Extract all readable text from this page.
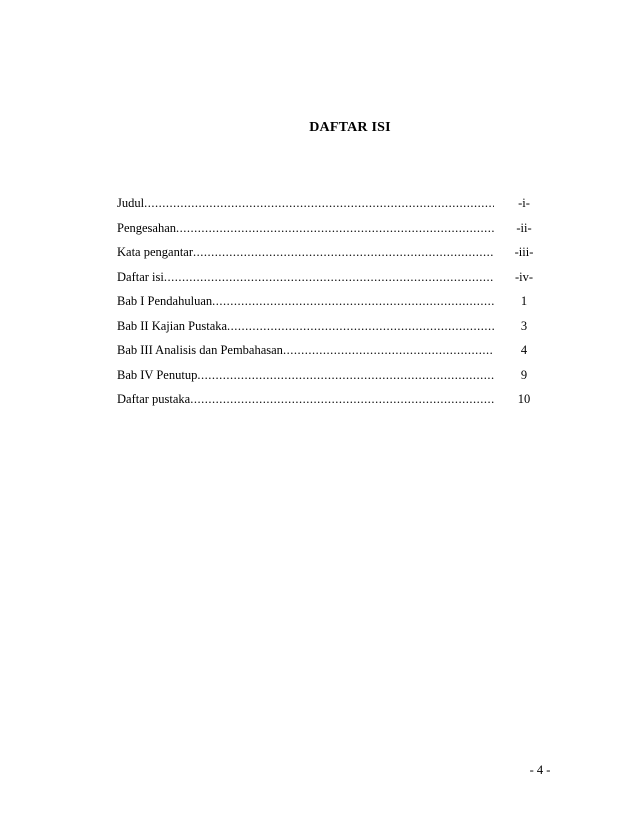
DAFTAR ISI
Judul .....	-i-
Pengesahan .....	-ii-
Kata pengantar .....	-iii-
Daftar isi .....	-iv-
Bab I Pendahuluan .....	1
Bab II Kajian Pustaka .....	3
Bab III Analisis dan Pembahasan .....	4
Bab IV Penutup .....	9
Daftar pustaka .....	10
- 4 -
